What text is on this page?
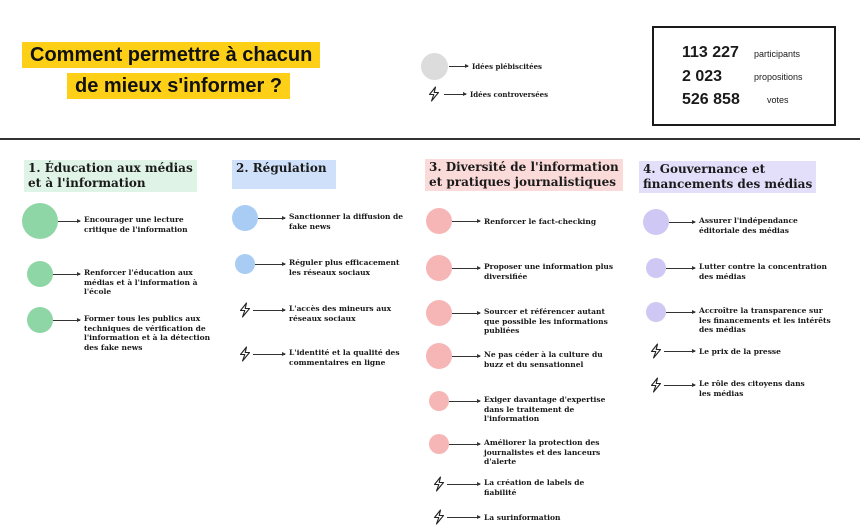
Comment permettre à chacun
de mieux s'informer ?
Idées plébiscitées
Idées controversées
113 227 participants
2 023	propositions
526 858	votes
1. Éducation aux médias
et à l'information
2. Régulation	3. Diversité de l'information
et pratiques journalistiques
4. Gouvernance et
financements des médias
Encourager une lecture
critique de l'information
Renforcer l'éducation aux
médias et à l'information à
l'école
Former tous les publics aux
techniques de vérification de
l'information et à la détection
des fake news
Sanctionner la diffusion de
fake news
Réguler plus efficacement
les réseaux sociaux
L'accès des mineurs aux
réseaux sociaux
L'identité et la qualité des
commentaires en ligne
Renforcer le fact-checking
Proposer une information plus
diversifiée
Sourcer et référencer autant
que possible les informations
publiées
Ne pas céder à la culture du
buzz et du sensationnel
Exiger davantage d'expertise
dans le traitement de
l'information
Améliorer la protection des
journalistes et des lanceurs
d'alerte
La création de labels de
fiabilité
La surinformation
Assurer l'indépendance
éditoriale des médias
Lutter contre la concentration
des médias
Accroître la transparence sur
les financements et les intérêts
des médias
Le prix de la presse
Le rôle des citoyens dans
les médias
